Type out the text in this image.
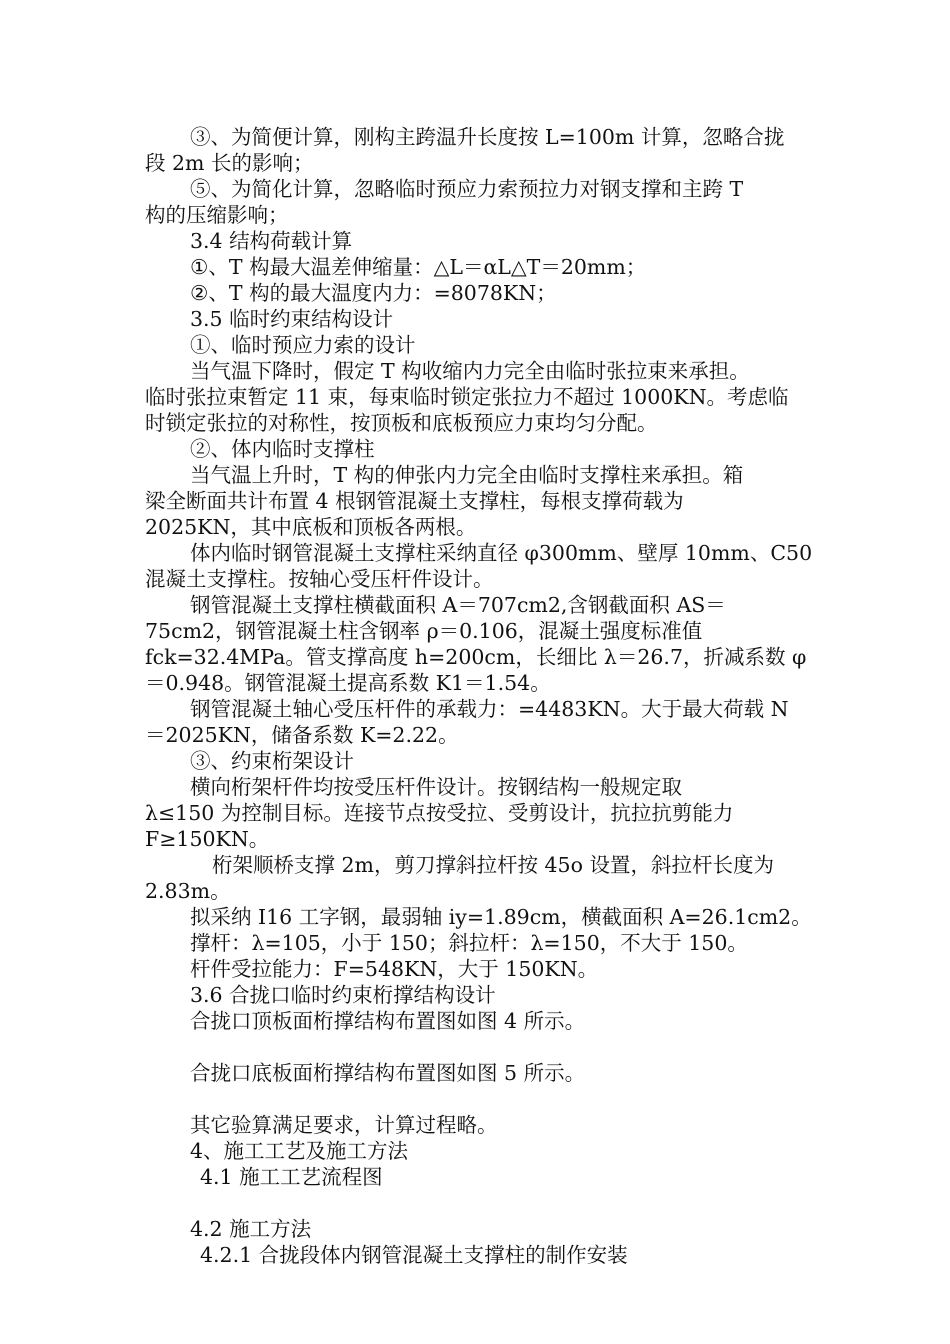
③、为简便计算，刚构主跨温升长度按 L=100m 计算，忽略合拢
段 2m 长的影响；
⑤、为简化计算，忽略临时预应力索预拉力对钢支撑和主跨 T
构的压缩影响；
3.4 结构荷载计算
①、T 构最大温差伸缩量：△L＝αL△T＝20mm；
②、T 构的最大温度内力：=8078KN；
3.5 临时约束结构设计
①、临时预应力索的设计
当气温下降时，假定 T 构收缩内力完全由临时张拉束来承担。
临时张拉束暂定 11 束，每束临时锁定张拉力不超过 1000KN。考虑临
时锁定张拉的对称性，按顶板和底板预应力束均匀分配。
②、体内临时支撑柱
当气温上升时，T 构的伸张内力完全由临时支撑柱来承担。箱
梁全断面共计布置 4 根钢管混凝土支撑柱，每根支撑荷载为
2025KN，其中底板和顶板各两根。
体内临时钢管混凝土支撑柱采纳直径 φ300mm、壁厚 10mm、C50
混凝土支撑柱。按轴心受压杆件设计。
钢管混凝土支撑柱横截面积 A＝707cm2,含钢截面积 AS＝
75cm2，钢管混凝土柱含钢率 ρ＝0.106，混凝土强度标准值
fck=32.4MPa。管支撑高度 h=200cm，长细比 λ＝26.7，折减系数 φ
＝0.948。钢管混凝土提高系数 K1＝1.54。
钢管混凝土轴心受压杆件的承载力：=4483KN。大于最大荷载 N
＝2025KN，储备系数 K=2.22。
③、约束桁架设计
横向桁架杆件均按受压杆件设计。按钢结构一般规定取
λ≤150 为控制目标。连接节点按受拉、受剪设计，抗拉抗剪能力
F≥150KN。
桁架顺桥支撑 2m，剪刀撑斜拉杆按 45o 设置，斜拉杆长度为
2.83m。
拟采纳 I16 工字钢，最弱轴 iy=1.89cm，横截面积 A=26.1cm2。
撑杆：λ=105，小于 150；斜拉杆：λ=150，不大于 150。
杆件受拉能力：F=548KN，大于 150KN。
3.6 合拢口临时约束桁撑结构设计
合拢口顶板面桁撑结构布置图如图 4 所示。
合拢口底板面桁撑结构布置图如图 5 所示。
其它验算满足要求，计算过程略。
4、施工工艺及施工方法
4.1 施工工艺流程图
4.2 施工方法
4.2.1 合拢段体内钢管混凝土支撑柱的制作安装
